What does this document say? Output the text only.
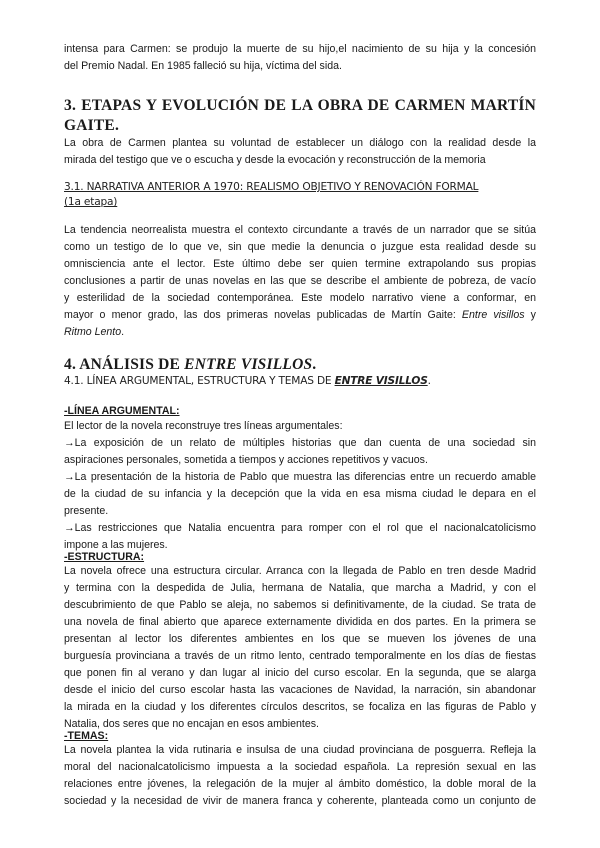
intensa para Carmen: se produjo la muerte de su hijo,el nacimiento de su hija y la concesión
del Premio Nadal. En 1985 falleció su hija, víctima del sida.

3. ETAPAS Y EVOLUCIÓN DE LA OBRA DE CARMEN MARTÍN
GAITE.

La obra de Carmen plantea su voluntad de establecer un diálogo con la realidad desde la
mirada del testigo que ve o escucha y desde la evocación y reconstrucción de la memoria

3.1. NARRATIVA ANTERIOR A 1970: REALISMO OBJETIVO Y RENOVACIÓN FORMAL
(1a etapa)

La tendencia neorrealista muestra el contexto circundante a través de un narrador que se sitúa
como un testigo de lo que ve, sin que medie la denuncia o juzgue esta realidad desde su
omnisciencia ante el lector. Este último debe ser quien termine extrapolando sus propias
conclusiones a partir de unas novelas en las que se describe el ambiente de pobreza, de vacío
y esterilidad de la sociedad contemporánea. Este modelo narrativo viene a conformar, en
mayor o menor grado, las dos primeras novelas publicadas de Martín Gaite: Entre visillos y
Ritmo Lento.

4. ANÁLISIS DE ENTRE VISILLOS.

4.1. LÍNEA ARGUMENTAL, ESTRUCTURA Y TEMAS DE ENTRE VISILLOS.

-LÍNEA ARGUMENTAL:

El lector de la novela reconstruye tres líneas argumentales:
→La exposición de un relato de múltiples historias que dan cuenta de una sociedad sin
aspiraciones personales, sometida a tiempos y acciones repetitivos y vacuos.
→La presentación de la historia de Pablo que muestra las diferencias entre un recuerdo amable
de la ciudad de su infancia y la decepción que la vida en esa misma ciudad le depara en el
presente.
→Las restricciones que Natalia encuentra para romper con el rol que el nacionalcatolicismo
impone a las mujeres.

-ESTRUCTURA:

La novela ofrece una estructura circular. Arranca con la llegada de Pablo en tren desde Madrid
y termina con la despedida de Julia, hermana de Natalia, que marcha a Madrid, y con el
descubrimiento de que Pablo se aleja, no sabemos si definitivamente, de la ciudad. Se trata de
una novela de final abierto que aparece externamente dividida en dos partes. En la primera se
presentan al lector los diferentes ambientes en los que se mueven los jóvenes de una
burguesía provinciana a través de un ritmo lento, centrado temporalmente en los días de fiestas
que ponen fin al verano y dan lugar al inicio del curso escolar. En la segunda, que se alarga
desde el inicio del curso escolar hasta las vacaciones de Navidad, la narración, sin abandonar
la mirada en la ciudad y los diferentes círculos descritos, se focaliza en las figuras de Pablo y
Natalia, dos seres que no encajan en esos ambientes.

-TEMAS:

La novela plantea la vida rutinaria e insulsa de una ciudad provinciana de posguerra. Refleja la
moral del nacionalcatolicismo impuesta a la sociedad española. La represión sexual en las
relaciones entre jóvenes, la relegación de la mujer al ámbito doméstico, la doble moral de la
sociedad y la necesidad de vivir de manera franca y coherente, planteada como un conjunto de
